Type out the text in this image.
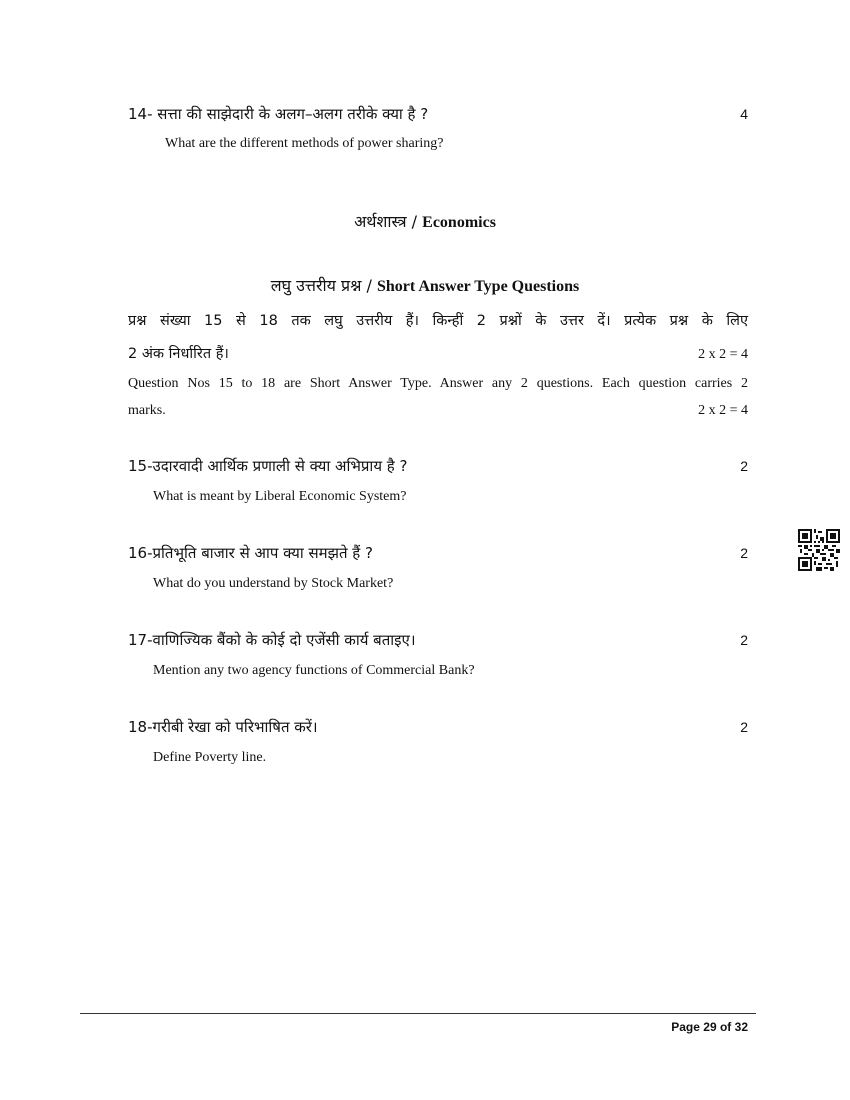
14- सत्ता की साझेदारी के अलग–अलग तरीके क्या है ?	4
What are the different methods of power sharing?
अर्थशास्त्र / Economics
लघु उत्तरीय प्रश्न / Short Answer Type Questions
प्रश्न संख्या 15 से 18 तक लघु उत्तरीय हैं। किन्हीं 2 प्रश्नों के उत्तर दें। प्रत्येक प्रश्न के लिए
2 अंक निर्धारित हैं।	2 x 2 = 4
Question Nos 15 to 18 are Short Answer Type. Answer any 2 questions. Each question carries 2
marks.	2 x 2 = 4
15-उदारवादी आर्थिक प्रणाली से क्या अभिप्राय है ?	2
What is meant by Liberal Economic System?
16-प्रतिभूति बाजार से आप क्या समझते हैं ?	2
What do you understand by Stock Market?
17-वाणिज्यिक बैंको के कोई दो एजेंसी कार्य बताइए।	2
Mention any two agency functions of Commercial Bank?
18-गरीबी रेखा को परिभाषित करें।	2
Define Poverty line.
Page 29 of 32
